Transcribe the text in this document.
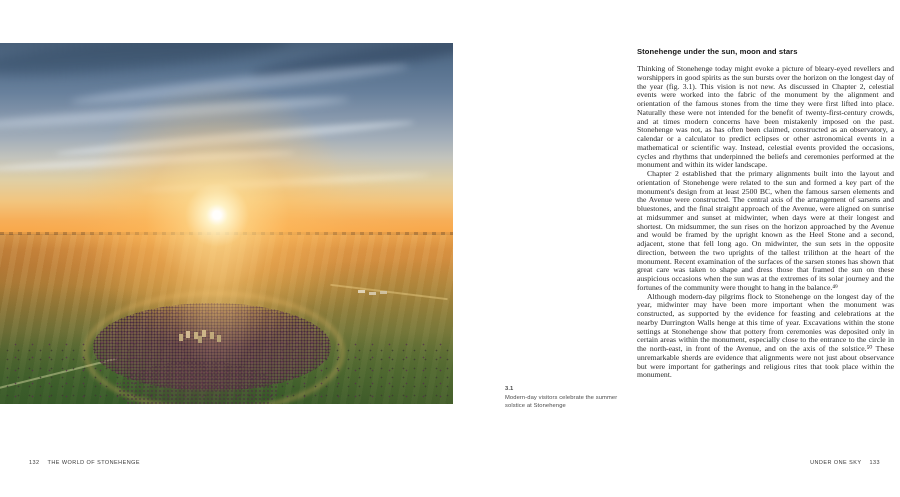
3.1
Modern-day visitors celebrate the summer solstice at Stonehenge
Stonehenge under the sun, moon and stars

Thinking of Stonehenge today might evoke a picture of bleary-eyed revellers and worshippers in good spirits as the sun bursts over the horizon on the longest day of the year (fig. 3.1). This vision is not new. As discussed in Chapter 2, celestial events were worked into the fabric of the monument by the alignment and orientation of the famous stones from the time they were first lifted into place. Naturally these were not intended for the benefit of twenty-first-century crowds, and at times modern concerns have been mistakenly imposed on the past. Stonehenge was not, as has often been claimed, constructed as an observatory, a calendar or a calculator to predict eclipses or other astronomical events in a mathematical or scientific way. Instead, celestial events provided the occasions, cycles and rhythms that underpinned the beliefs and ceremonies performed at the monument and within its wider landscape.

Chapter 2 established that the primary alignments built into the layout and orientation of Stonehenge were related to the sun and formed a key part of the monument's design from at least 2500 BC, when the famous sarsen elements and the Avenue were constructed. The central axis of the arrangement of sarsens and bluestones, and the final straight approach of the Avenue, were aligned on sunrise at midsummer and sunset at midwinter, when days were at their longest and shortest. On midsummer, the sun rises on the horizon approached by the Avenue and would be framed by the upright known as the Heel Stone and a second, adjacent, stone that fell long ago. On midwinter, the sun sets in the opposite direction, between the two uprights of the tallest trilithon at the heart of the monument. Recent examination of the surfaces of the sarsen stones has shown that great care was taken to shape and dress those that framed the sun on these auspicious occasions when the sun was at the extremes of its solar journey and the fortunes of the community were thought to hang in the balance.⁴⁹

Although modern-day pilgrims flock to Stonehenge on the longest day of the year, midwinter may have been more important when the monument was constructed, as supported by the evidence for feasting and celebrations at the nearby Durrington Walls henge at this time of year. Excavations within the stone settings at Stonehenge show that pottery from ceremonies was deposited only in certain areas within the monument, especially close to the entrance to the circle in the north-east, in front of the Avenue, and on the axis of the solstice.⁵⁰ These unremarkable sherds are evidence that alignments were not just about observance but were important for gatherings and religious rites that took place within the monument.

132 THE WORLD OF STONEHENGE	UNDER ONE SKY 133
